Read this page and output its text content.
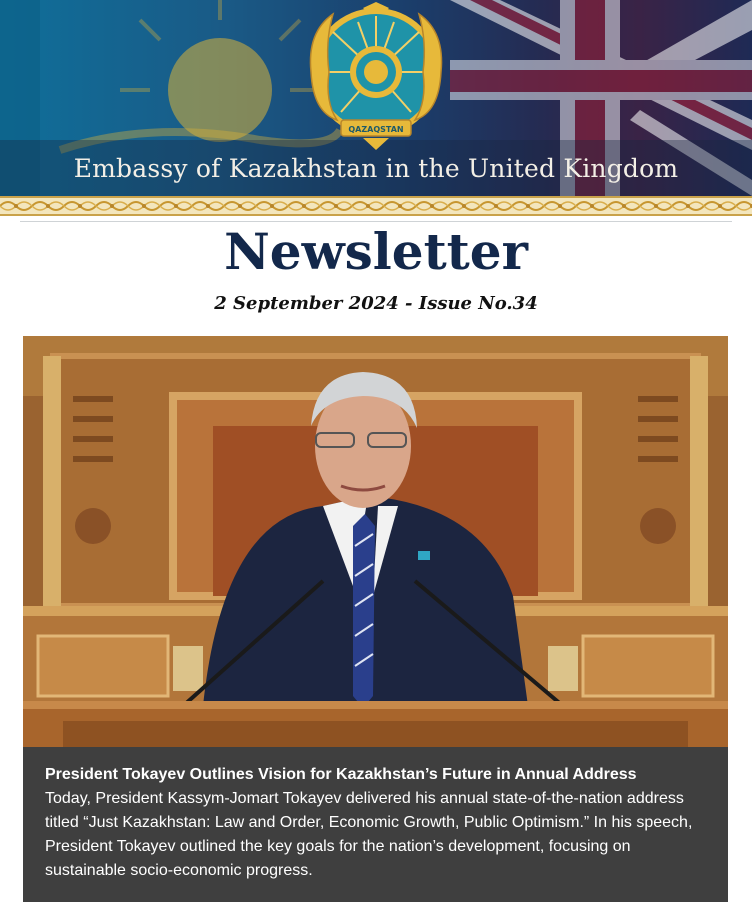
QAZAQSTAN
Embassy of Kazakhstan in the United Kingdom
Newsletter
2 September 2024 - Issue No.34
President Tokayev Outlines Vision for Kazakhstan’s Future in Annual Address
Today, President Kassym-Jomart Tokayev delivered his annual state-of-the-nation address titled “Just Kazakhstan: Law and Order, Economic Growth, Public Optimism.” In his speech, President Tokayev outlined the key goals for the nation’s development, focusing on sustainable socio-economic progress.
